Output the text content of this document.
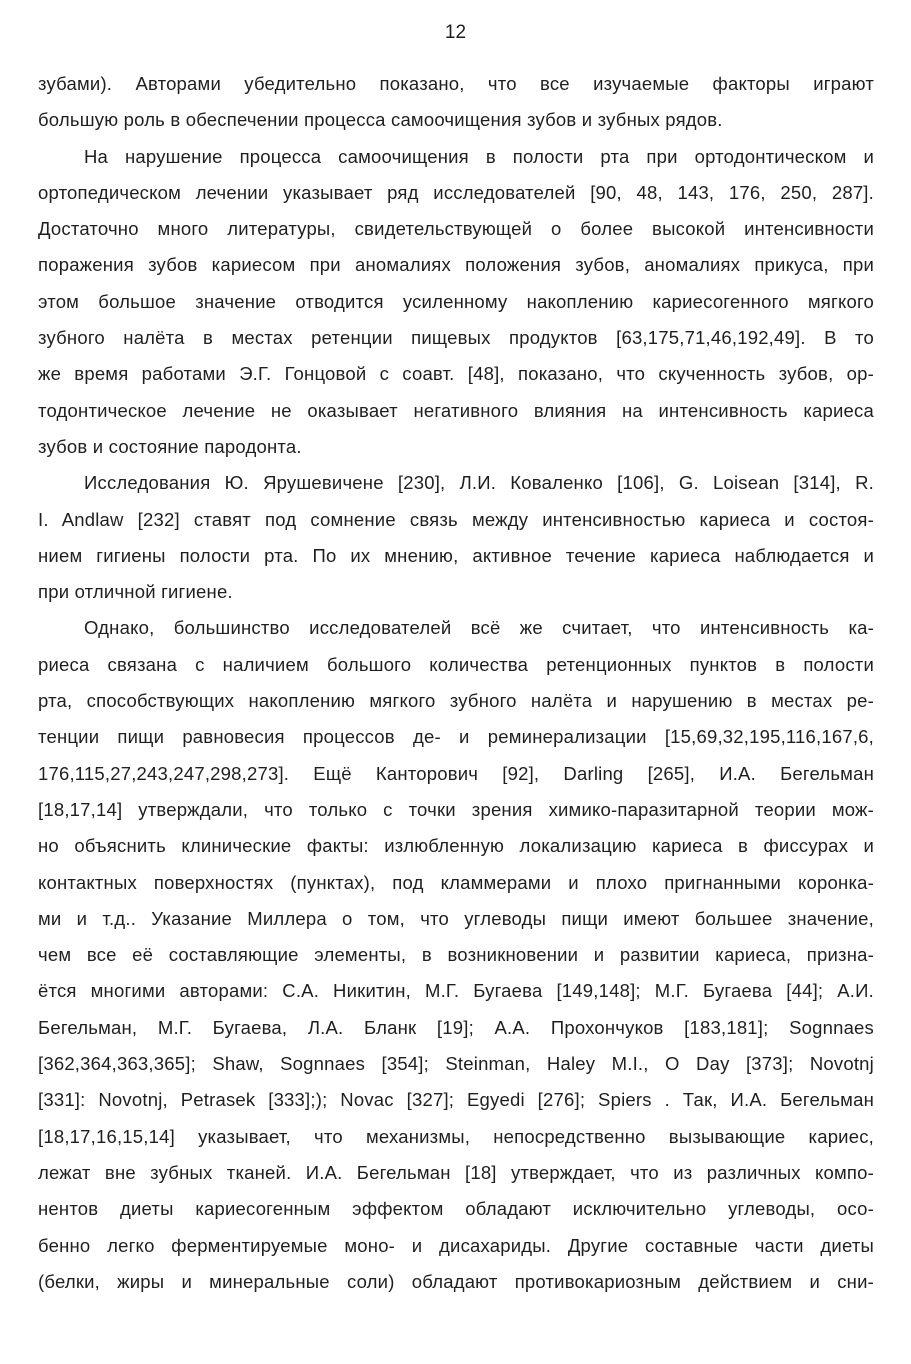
12
зубами). Авторами убедительно показано, что все изучаемые факторы играют
большую роль в обеспечении процесса самоочищения зубов и зубных рядов.
На нарушение процесса самоочищения в полости рта при ортодонтическом и
ортопедическом лечении указывает ряд исследователей [90, 48, 143, 176, 250, 287].
Достаточно много литературы, свидетельствующей о более высокой интенсивности
поражения зубов кариесом при аномалиях положения зубов, аномалиях прикуса, при
этом большое значение отводится усиленному накоплению кариесогенного мягкого
зубного налёта в местах ретенции пищевых продуктов [63,175,71,46,192,49]. В то
же время работами Э.Г. Гонцовой с соавт. [48], показано, что скученность зубов, ор-
тодонтическое лечение не оказывает негативного влияния на интенсивность кариеса
зубов и состояние пародонта.
Исследования Ю. Ярушевичене [230], Л.И. Коваленко [106], G. Loisean [314], R.
I. Andlaw [232] ставят под сомнение связь между интенсивностью кариеса и состоя-
нием гигиены полости рта. По их мнению, активное течение кариеса наблюдается и
при отличной гигиене.
Однако, большинство исследователей всё же считает, что интенсивность ка-
риеса связана с наличием большого количества ретенционных пунктов в полости
рта, способствующих накоплению мягкого зубного налёта и нарушению в местах ре-
тенции пищи равновесия процессов де- и реминерализации [15,69,32,195,116,167,6,
176,115,27,243,247,298,273]. Ещё Канторович [92], Darling [265], И.А. Бегельман
[18,17,14] утверждали, что только с точки зрения химико-паразитарной теории мож-
но объяснить клинические факты: излюбленную локализацию кариеса в фиссурах и
контактных поверхностях (пунктах), под кламмерами и плохо пригнанными коронка-
ми и т.д.. Указание Миллера о том, что углеводы пищи имеют большее значение,
чем все её составляющие элементы, в возникновении и развитии кариеса, призна-
ётся многими авторами: С.А. Никитин, М.Г. Бугаева [149,148]; М.Г. Бугаева [44]; А.И.
Бегельман, М.Г. Бугаева, Л.А. Бланк [19]; А.А. Прохончуков [183,181]; Sognnaes
[362,364,363,365]; Shaw, Sognnaes [354]; Steinman, Haley M.I., O Day [373]; Novotnj
[331]: Novotnj, Petrasek [333];); Novac [327]; Egyedi [276]; Spiers . Так, И.А. Бегельман
[18,17,16,15,14] указывает, что механизмы, непосредственно вызывающие кариес,
лежат вне зубных тканей. И.А. Бегельман [18] утверждает, что из различных компо-
нентов диеты кариесогенным эффектом обладают исключительно углеводы, осо-
бенно легко ферментируемые моно- и дисахариды. Другие составные части диеты
(белки, жиры и минеральные соли) обладают противокариозным действием и сни-
